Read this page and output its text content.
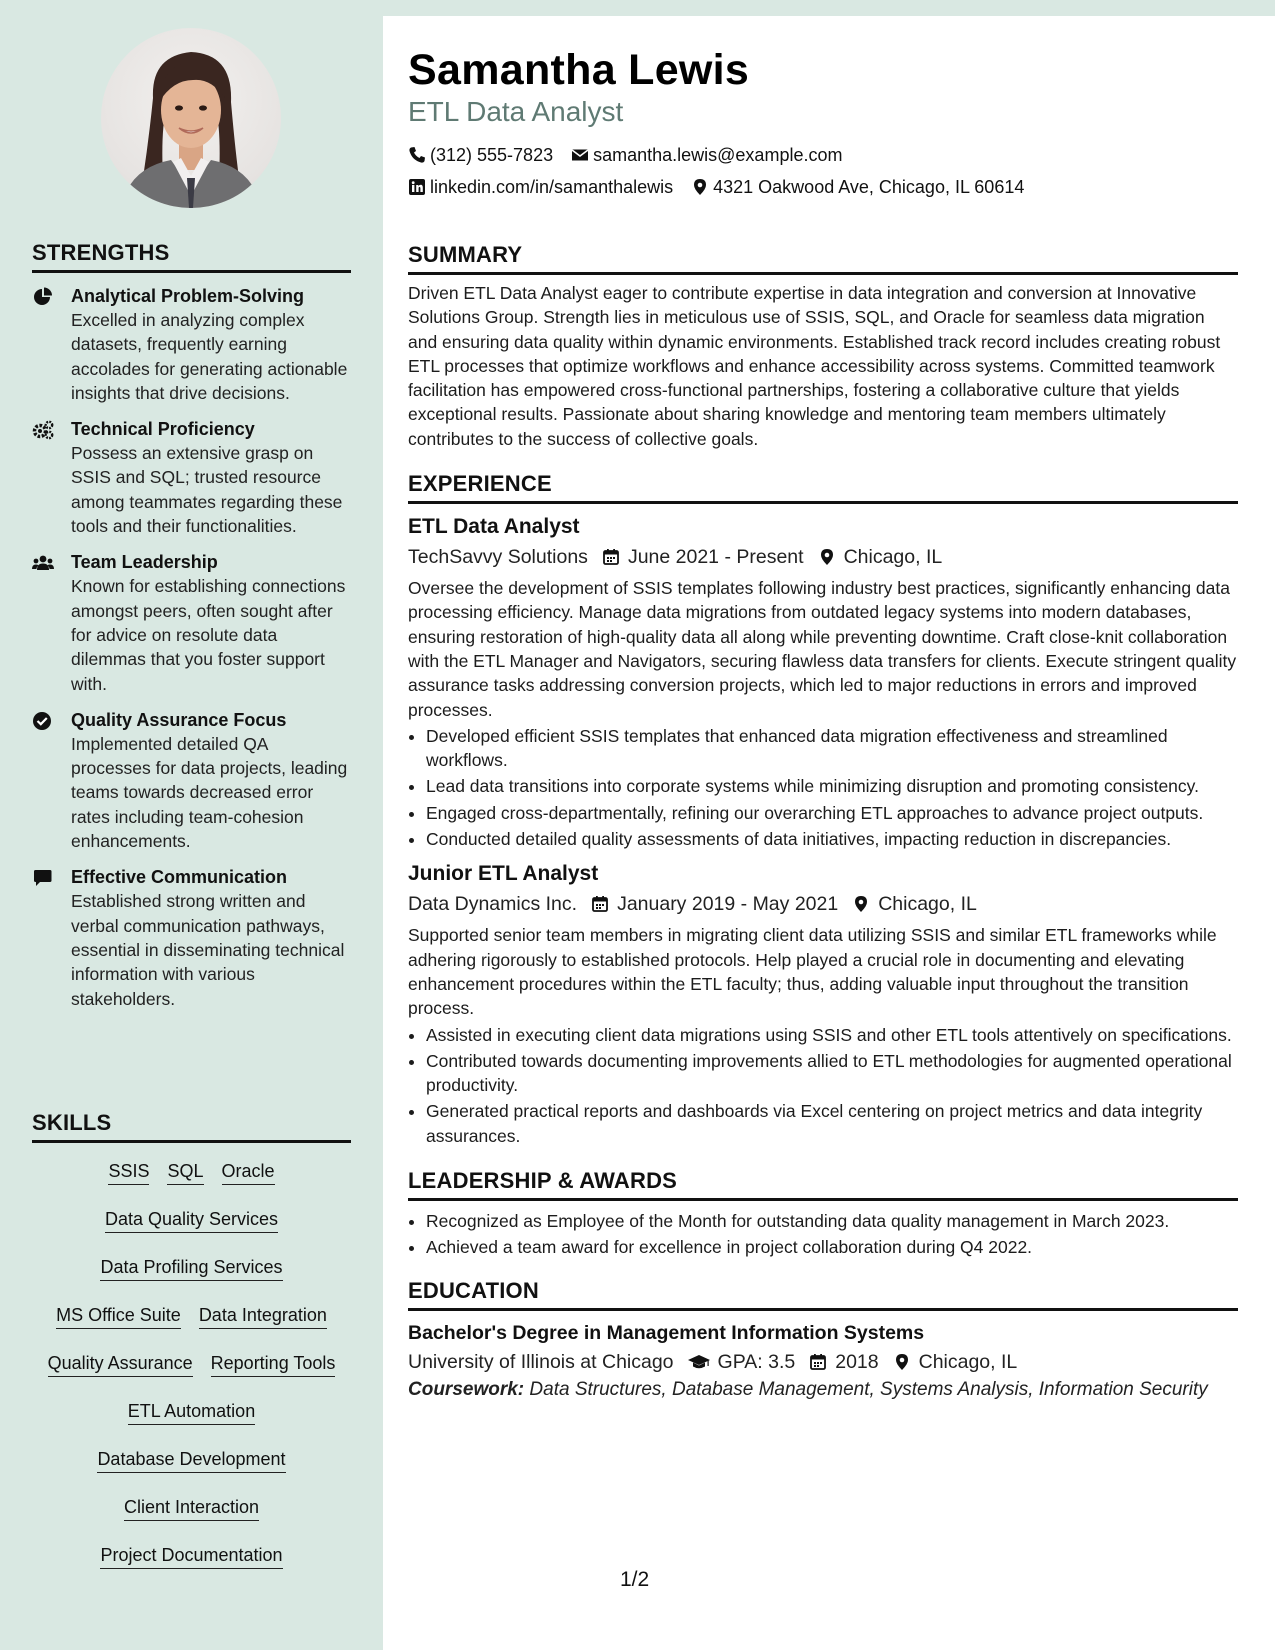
STRENGTHS
Analytical Problem-Solving
Excelled in analyzing complex datasets, frequently earning accolades for generating actionable insights that drive decisions.
Technical Proficiency
Possess an extensive grasp on SSIS and SQL; trusted resource among teammates regarding these tools and their functionalities.
Team Leadership
Known for establishing connections amongst peers, often sought after for advice on resolute data dilemmas that you foster support with.
Quality Assurance Focus
Implemented detailed QA processes for data projects, leading teams towards decreased error rates including team-cohesion enhancements.
Effective Communication
Established strong written and verbal communication pathways, essential in disseminating technical information with various stakeholders.
SKILLS
SSIS SQL Oracle
Data Quality Services
Data Profiling Services
MS Office Suite Data Integration
Quality Assurance Reporting Tools
ETL Automation
Database Development
Client Interaction
Project Documentation
Samantha Lewis
ETL Data Analyst
(312) 555-7823 samantha.lewis@example.com
linkedin.com/in/samanthalewis 4321 Oakwood Ave, Chicago, IL 60614
SUMMARY

Driven ETL Data Analyst eager to contribute expertise in data integration and conversion at Innovative Solutions Group. Strength lies in meticulous use of SSIS, SQL, and Oracle for seamless data migration and ensuring data quality within dynamic environments. Established track record includes creating robust ETL processes that optimize workflows and enhance accessibility across systems. Committed teamwork facilitation has empowered cross-functional partnerships, fostering a collaborative culture that yields exceptional results. Passionate about sharing knowledge and mentoring team members ultimately contributes to the success of collective goals.

EXPERIENCE
ETL Data Analyst
TechSavvy Solutions June 2021 - Present Chicago, IL

Oversee the development of SSIS templates following industry best practices, significantly enhancing data processing efficiency. Manage data migrations from outdated legacy systems into modern databases, ensuring restoration of high-quality data all along while preventing downtime. Craft close-knit collaboration with the ETL Manager and Navigators, securing flawless data transfers for clients. Execute stringent quality assurance tasks addressing conversion projects, which led to major reductions in errors and improved processes.

• Developed efficient SSIS templates that enhanced data migration effectiveness and streamlined workflows.
• Lead data transitions into corporate systems while minimizing disruption and promoting consistency.
• Engaged cross-departmentally, refining our overarching ETL approaches to advance project outputs.
• Conducted detailed quality assessments of data initiatives, impacting reduction in discrepancies.
Junior ETL Analyst
Data Dynamics Inc. January 2019 - May 2021 Chicago, IL

Supported senior team members in migrating client data utilizing SSIS and similar ETL frameworks while adhering rigorously to established protocols. Help played a crucial role in documenting and elevating enhancement procedures within the ETL faculty; thus, adding valuable input throughout the transition process.

• Assisted in executing client data migrations using SSIS and other ETL tools attentively on specifications.
• Contributed towards documenting improvements allied to ETL methodologies for augmented operational productivity.
• Generated practical reports and dashboards via Excel centering on project metrics and data integrity assurances.
LEADERSHIP & AWARDS
• Recognized as Employee of the Month for outstanding data quality management in March 2023.
• Achieved a team award for excellence in project collaboration during Q4 2022.
EDUCATION
Bachelor's Degree in Management Information Systems
University of Illinois at Chicago GPA: 3.5 2018 Chicago, IL
Coursework: Data Structures, Database Management, Systems Analysis, Information Security
1/2
